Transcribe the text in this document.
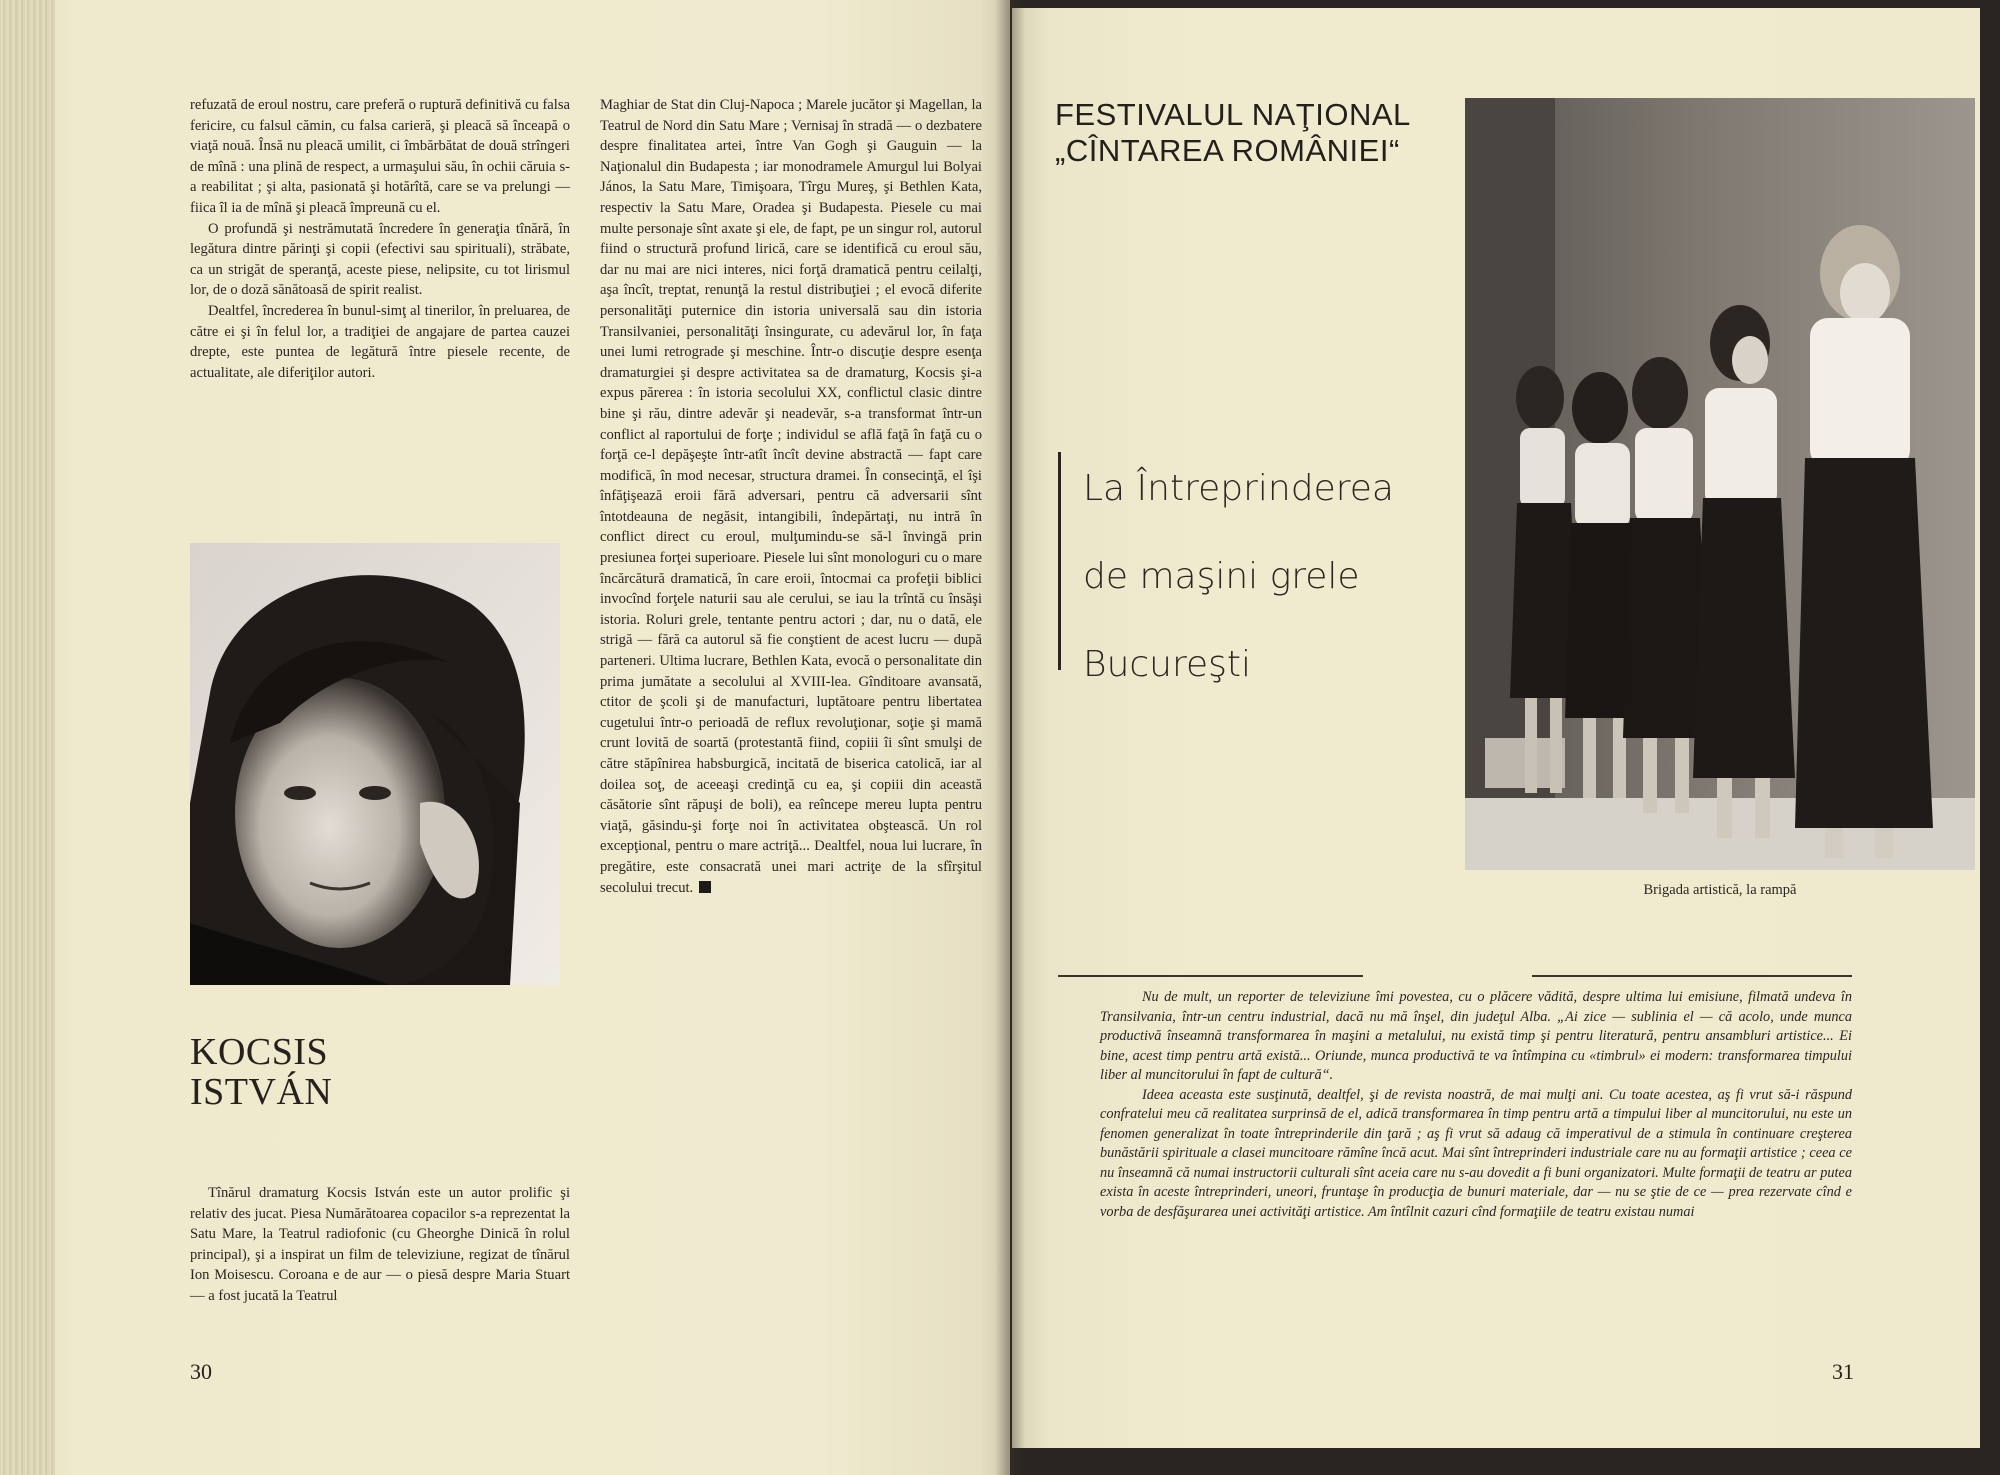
refuzată de eroul nostru, care preferă o ruptură definitivă cu falsa fericire, cu falsul cămin, cu falsa carieră, şi pleacă să înceapă o viaţă nouă. Însă nu pleacă umilit, ci îmbărbătat de două strîngeri de mînă : una plină de respect, a urmaşului său, în ochii căruia s-a reabilitat ; şi alta, pasionată şi hotărîtă, care se va prelungi — fiica îl ia de mînă şi pleacă împreună cu el.

O profundă şi nestrămutată încredere în generaţia tînără, în legătura dintre părinţi şi copii (efectivi sau spirituali), străbate, ca un strigăt de speranţă, aceste piese, nelipsite, cu tot lirismul lor, de o doză sănătoasă de spirit realist.

Dealtfel, încrederea în bunul-simţ al tinerilor, în preluarea, de către ei şi în felul lor, a tradiţiei de angajare de partea cauzei drepte, este puntea de legătură între piesele recente, de actualitate, ale diferiţilor autori.

KOCSIS
ISTVÁN

Maghiar de Stat din Cluj-Napoca ; Marele jucător şi Magellan, la Teatrul de Nord din Satu Mare ; Vernisaj în stradă — o dezbatere despre finalitatea artei, între Van Gogh şi Gauguin — la Naţionalul din Budapesta ; iar monodramele Amurgul lui Bolyai János, la Satu Mare, Timişoara, Tîrgu Mureş, şi Bethlen Kata, respectiv la Satu Mare, Oradea şi Budapesta. Piesele cu mai multe personaje sînt axate şi ele, de fapt, pe un singur rol, autorul fiind o structură profund lirică, care se identifică cu eroul său, dar nu mai are nici interes, nici forţă dramatică pentru ceilalţi, aşa încît, treptat, renunţă la restul distribuţiei ; el evocă diferite personalităţi puternice din istoria universală sau din istoria Transilvaniei, personalităţi însingurate, cu adevărul lor, în faţa unei lumi retrograde şi meschine. Într-o discuţie despre esenţa dramaturgiei şi despre activitatea sa de dramaturg, Kocsis şi-a expus părerea : în istoria secolului XX, conflictul clasic dintre bine şi rău, dintre adevăr şi neadevăr, s-a transformat într-un conflict al raportului de forţe ; individul se află faţă în faţă cu o forţă ce-l depăşeşte într-atît încît devine abstractă — fapt care modifică, în mod necesar, structura dramei. În consecinţă, el îşi înfăţişează eroii fără adversari, pentru că adversarii sînt întotdeauna de negăsit, intangibili, îndepărtaţi, nu intră în conflict direct cu eroul, mulţumindu-se să-l învingă prin presiunea forţei superioare. Piesele lui sînt monologuri cu o mare încărcătură dramatică, în care eroii, întocmai ca profeţii biblici invocînd forţele naturii sau ale cerului, se iau la trîntă cu însăşi istoria. Roluri grele, tentante pentru actori ; dar, nu o dată, ele strigă — fără ca autorul să fie conştient de acest lucru — după parteneri. Ultima lucrare, Bethlen Kata, evocă o personalitate din prima jumătate a secolului al XVIII-lea. Gînditoare avansată, ctitor de şcoli şi de manufacturi, luptătoare pentru libertatea cugetului într-o perioadă de reflux revoluţionar, soţie şi mamă crunt lovită de soartă (protestantă fiind, copiii îi sînt smulşi de către stăpînirea habsburgică, incitată de biserica catolică, iar al doilea soţ, de aceeaşi credinţă cu ea, şi copiii din această căsătorie sînt răpuşi de boli), ea reîncepe mereu lupta pentru viaţă, găsindu-şi forţe noi în activitatea obştească. Un rol excepţional, pentru o mare actriţă... Dealtfel, noua lui lucrare, în pregătire, este consacrată unei mari actriţe de la sfîrşitul secolului trecut.

Tînărul dramaturg Kocsis István este un autor prolific şi relativ des jucat. Piesa Numărătoarea copacilor s-a reprezentat la Satu Mare, la Teatrul radiofonic (cu Gheorghe Dinică în rolul principal), şi a inspirat un film de televiziune, regizat de tînărul Ion Moisescu. Coroana e de aur — o piesă despre Maria Stuart — a fost jucată la Teatrul

30
FESTIVALUL NAŢIONAL
„CÎNTAREA ROMÂNIEI“
La Întreprinderea
de maşini grele
Bucureşti
Brigada artistică, la rampă

Nu de mult, un reporter de televiziune îmi povestea, cu o plăcere vădită, despre ultima lui emisiune, filmată undeva în Transilvania, într-un centru industrial, dacă nu mă înşel, din judeţul Alba. „Ai zice — sublinia el — că acolo, unde munca productivă înseamnă transformarea în maşini a metalului, nu există timp şi pentru literatură, pentru ansambluri artistice... Ei bine, acest timp pentru artă există... Oriunde, munca productivă te va întîmpina cu «timbrul» ei modern: transformarea timpului liber al muncitorului în fapt de cultură“.

Ideea aceasta este susţinută, dealtfel, şi de revista noastră, de mai mulţi ani. Cu toate acestea, aş fi vrut să-i răspund confratelui meu că realitatea surprinsă de el, adică transformarea în timp pentru artă a timpului liber al muncitorului, nu este un fenomen generalizat în toate întreprinderile din ţară ; aş fi vrut să adaug că imperativul de a stimula în continuare creşterea bunăstării spirituale a clasei muncitoare rămîne încă acut. Mai sînt întreprinderi industriale care nu au formaţii artistice ; ceea ce nu înseamnă că numai instructorii culturali sînt aceia care nu s-au dovedit a fi buni organizatori. Multe formaţii de teatru ar putea exista în aceste întreprinderi, uneori, fruntaşe în producţia de bunuri materiale, dar — nu se ştie de ce — prea rezervate cînd e vorba de desfăşurarea unei activităţi artistice. Am întîlnit cazuri cînd formaţiile de teatru existau numai

31
